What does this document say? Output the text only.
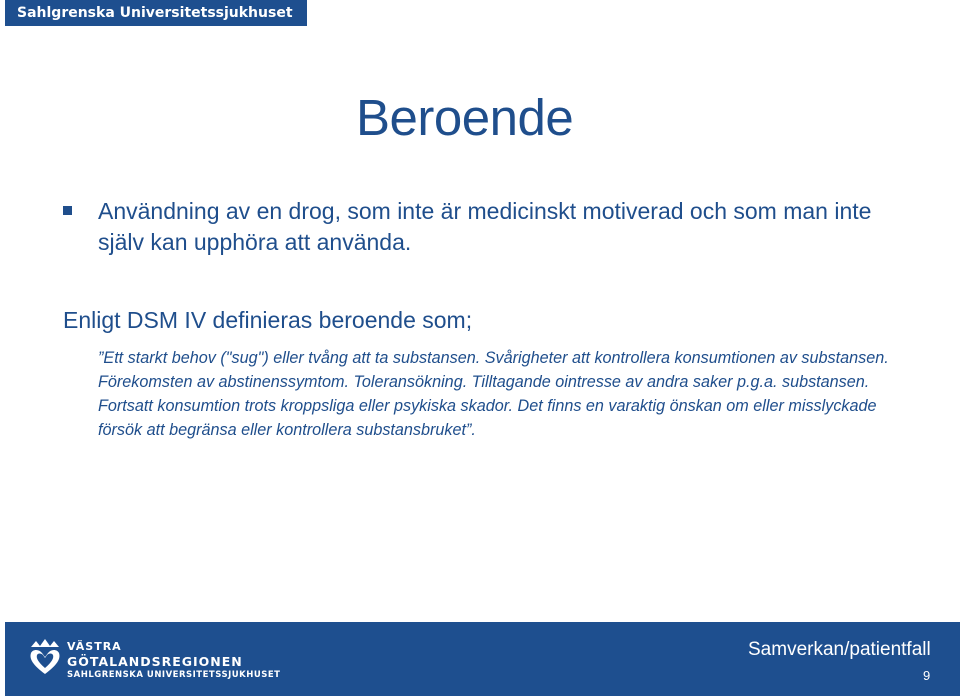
Sahlgrenska Universitetssjukhuset
Beroende
Användning av en drog, som inte är medicinskt motiverad och som man inte själv kan upphöra att använda.
Enligt DSM IV definieras beroende som;
”Ett starkt behov ("sug") eller tvång att ta substansen. Svårigheter att kontrollera konsumtionen av substansen. Förekomsten av abstinenssymtom. Toleransökning. Tilltagande ointresse av andra saker p.g.a. substansen. Fortsatt konsumtion trots kroppsliga eller psykiska skador. Det finns en varaktig önskan om eller misslyckade försök att begränsa eller kontrollera substansbruket”.
VÄSTRA
GÖTALANDSREGIONEN
SAHLGRENSKA UNIVERSITETSSJUKHUSET
Samverkan/patientfall
9
